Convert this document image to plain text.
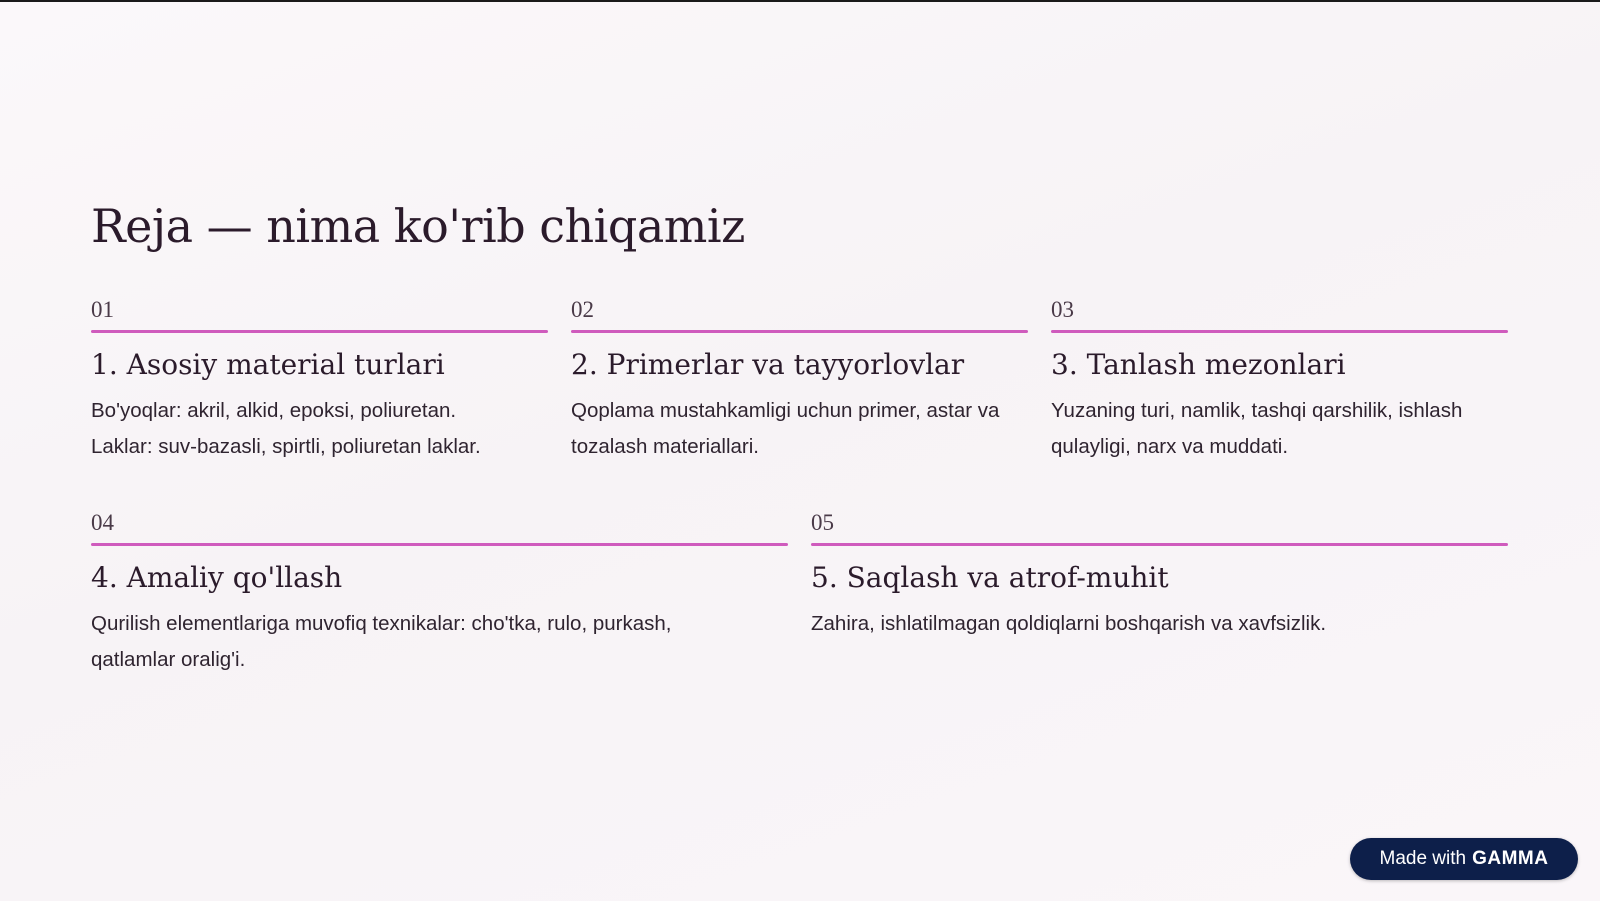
Reja — nima ko'rib chiqamiz
01
1. Asosiy material turlari
Bo'yoqlar: akril, alkid, epoksi, poliuretan.
Laklar: suv-bazasli, spirtli, poliuretan laklar.
02
2. Primerlar va tayyorlovlar
Qoplama mustahkamligi uchun primer, astar va
tozalash materiallari.
03
3. Tanlash mezonlari
Yuzaning turi, namlik, tashqi qarshilik, ishlash
qulayligi, narx va muddati.
04
4. Amaliy qo'llash
Qurilish elementlariga muvofiq texnikalar: cho'tka, rulo, purkash,
qatlamlar oralig'i.
05
5. Saqlash va atrof-muhit
Zahira, ishlatilmagan qoldiqlarni boshqarish va xavfsizlik.
Made with GAMMA
